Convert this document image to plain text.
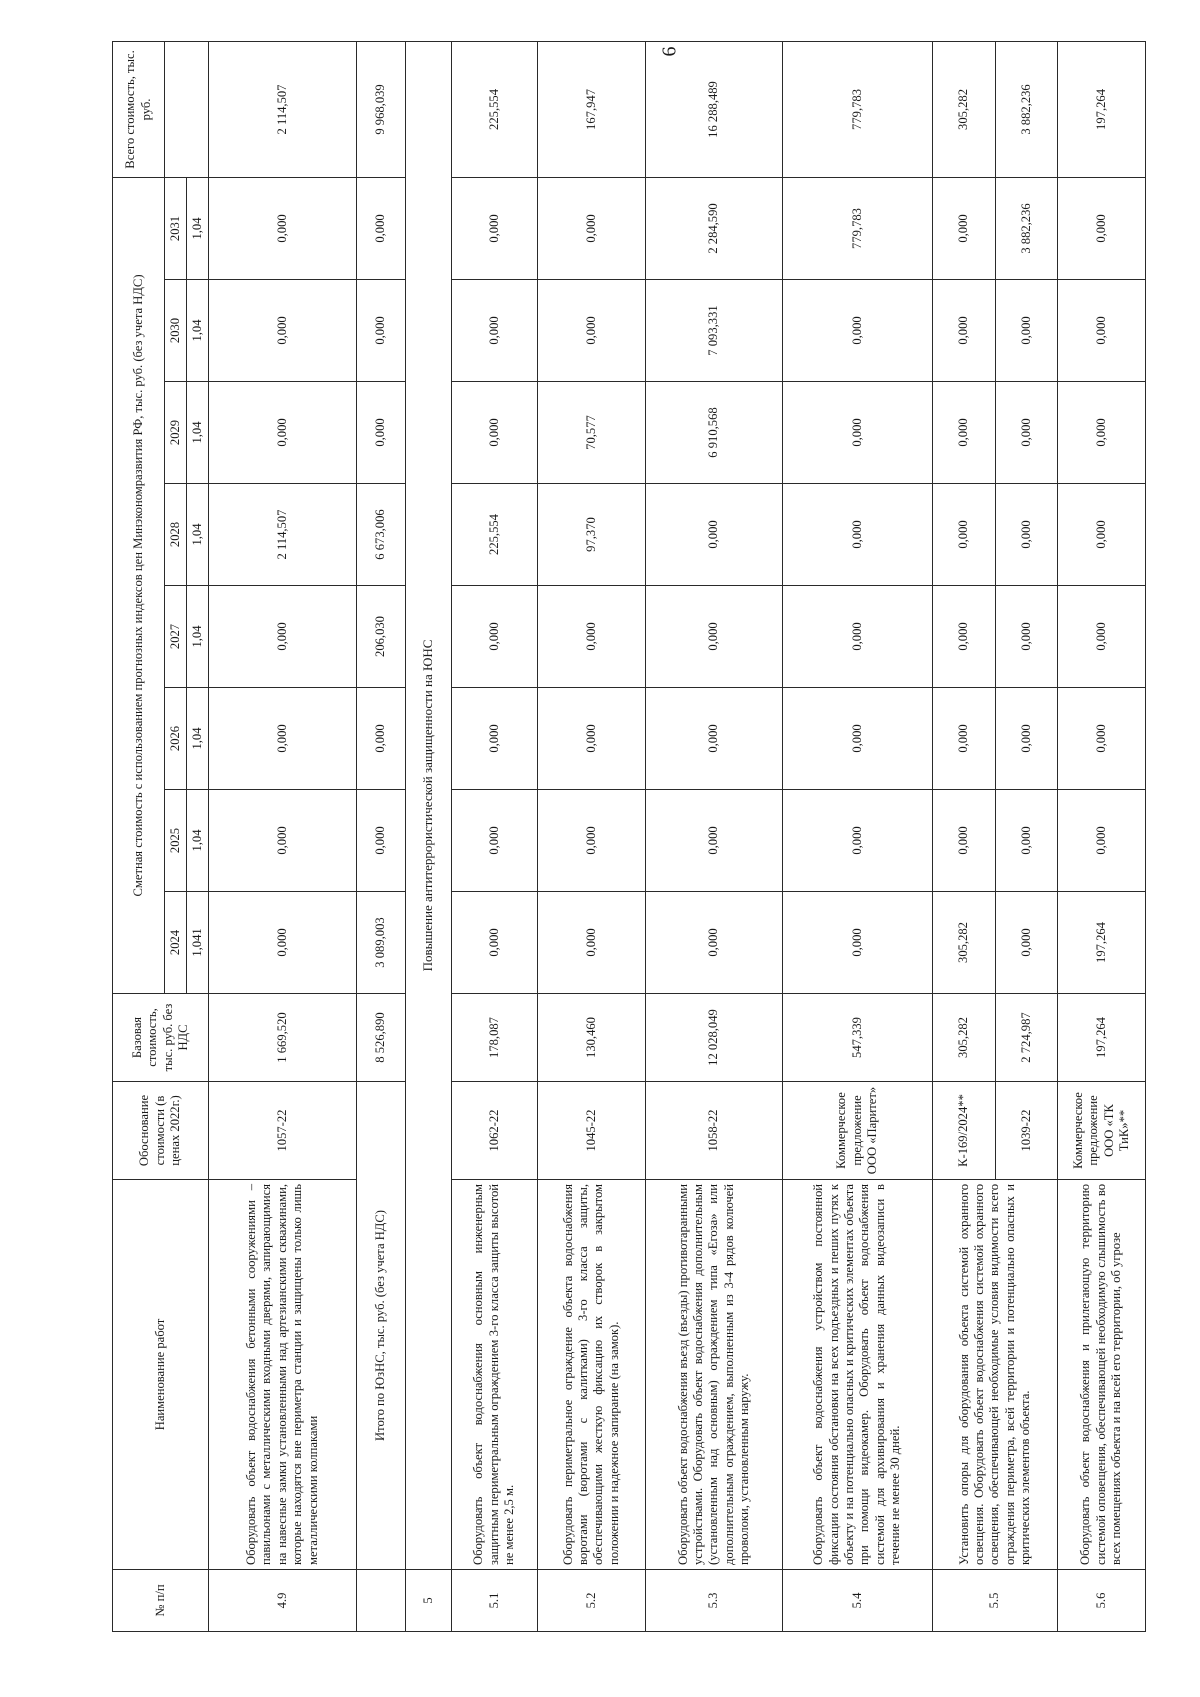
6
№ п/п	Наименование работ	Обоснование стоимости (в ценах 2022г.)	Базовая стоимость, тыс. руб. без НДС	Сметная стоимость с использованием прогнозных индексов цен Минэкономразвития РФ, тыс. руб. (без учета НДС)								Всего стоимость, тыс. руб.
				2024	2025	2026	2027	2028	2029	2030	2031	
				1,041	1,04	1,04	1,04	1,04	1,04	1,04	1,04	
4.9	Оборудовать объект водоснабжения бетонными сооружениями – павильонами с металлическими входными дверями, запирающимися на навесные замки установленными над артезианскими скважинами, которые находятся вне периметра станции и защищены только лишь металлическими колпаками	1057-22	1 669,520	0,000	0,000	0,000	0,000	2 114,507	0,000	0,000	0,000	2 114,507
	Итого по ЮзНС, тыс. руб. (без учета НДС)		8 526,890	3 089,003	0,000	0,000	206,030	6 673,006	0,000	0,000	0,000	9 968,039
5	Повышение антитеррористической защищенности на ЮНС											
5.1	Оборудовать объект водоснабжения основным инженерным защитным периметральным ограждением 3-го класса защиты высотой не менее 2,5 м.	1062-22	178,087	0,000	0,000	0,000	0,000	225,554	0,000	0,000	0,000	225,554
5.2	Оборудовать периметральное ограждение объекта водоснабжения воротами (воротами с калитками) 3-го класса защиты, обеспечивающими жесткую фиксацию их створок в закрытом положении и надежное запирание (на замок).	1045-22	130,460	0,000	0,000	0,000	0,000	97,370	70,577	0,000	0,000	167,947
5.3	Оборудовать объект водоснабжения въезд (въезды) противотаранными устройствами. Оборудовать объект водоснабжения дополнительным (установленным над основным) ограждением типа «Егоза» или дополнительным ограждением, выполненным из 3-4 рядов колючей проволоки, установленным наружу.	1058-22	12 028,049	0,000	0,000	0,000	0,000	0,000	6 910,568	7 093,331	2 284,590	16 288,489
5.4	Оборудовать объект водоснабжения устройством постоянной фиксации состояния обстановки на всех подъездных и пеших путях к объекту и на потенциально опасных и критических элементах объекта при помощи видеокамер. Оборудовать объект водоснабжения системой для архивирования и хранения данных видеозаписи в течение не менее 30 дней.	Коммерческое предложение ООО «Паритет»	547,339	0,000	0,000	0,000	0,000	0,000	0,000	0,000	779,783	779,783
5.5	Установить опоры для оборудования объекта системой охранного освещения. Оборудовать объект водоснабжения системой охранного освещения, обеспечивающей необходимые условия видимости всего ограждения периметра, всей территории и потенциально опасных и критических элементов объекта.	К-169/2024**	305,282	305,282	0,000	0,000	0,000	0,000	0,000	0,000	0,000	305,282
		1039-22	2 724,987	0,000	0,000	0,000	0,000	0,000	0,000	0,000	3 882,236	3 882,236
5.6	Оборудовать объект водоснабжения и прилегающую территорию системой оповещения, обеспечивающей необходимую слышимость во всех помещениях объекта и на всей его территории, об угрозе	Коммерческое предложение ООО «ТК ТиК»**	197,264	197,264	0,000	0,000	0,000	0,000	0,000	0,000	0,000	197,264
